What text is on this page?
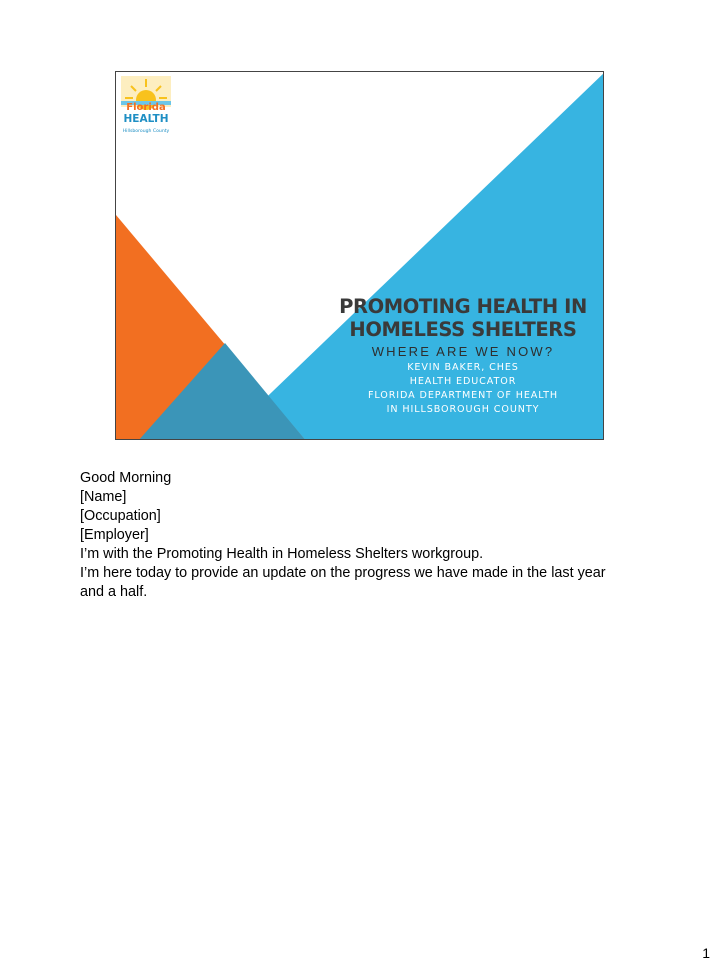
Florida
HEALTH
Hillsborough County
PROMOTING HEALTH IN
HOMELESS SHELTERS
WHERE ARE WE NOW?
KEVIN BAKER, CHES
HEALTH EDUCATOR
FLORIDA DEPARTMENT OF HEALTH
IN HILLSBOROUGH COUNTY
Good Morning
[Name]
[Occupation]
[Employer]
I’m with the Promoting Health in Homeless Shelters workgroup.
I’m here today to provide an update on the progress we have made in the last year
and a half.
1
